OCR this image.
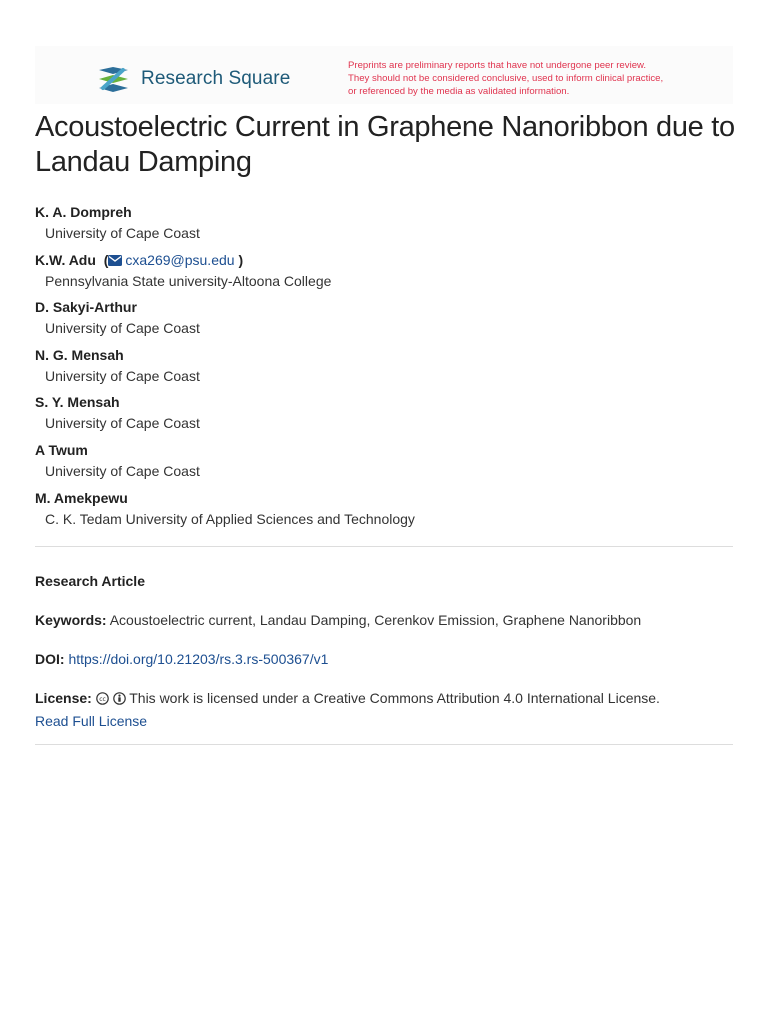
Research Square
Preprints are preliminary reports that have not undergone peer review.
They should not be considered conclusive, used to inform clinical practice,
or referenced by the media as validated information.
Acoustoelectric Current in Graphene Nanoribbon due to Landau Damping
K. A. Dompreh
University of Cape Coast
K.W. Adu  ( cxa269@psu.edu )
Pennsylvania State university-Altoona College
D. Sakyi-Arthur
University of Cape Coast
N. G. Mensah
University of Cape Coast
S. Y. Mensah
University of Cape Coast
A Twum
University of Cape Coast
M. Amekpewu
C. K. Tedam University of Applied Sciences and Technology
Research Article
Keywords: Acoustoelectric current, Landau Damping, Cerenkov Emission, Graphene Nanoribbon
DOI: https://doi.org/10.21203/rs.3.rs-500367/v1
License: cc This work is licensed under a Creative Commons Attribution 4.0 International License.
Read Full License
